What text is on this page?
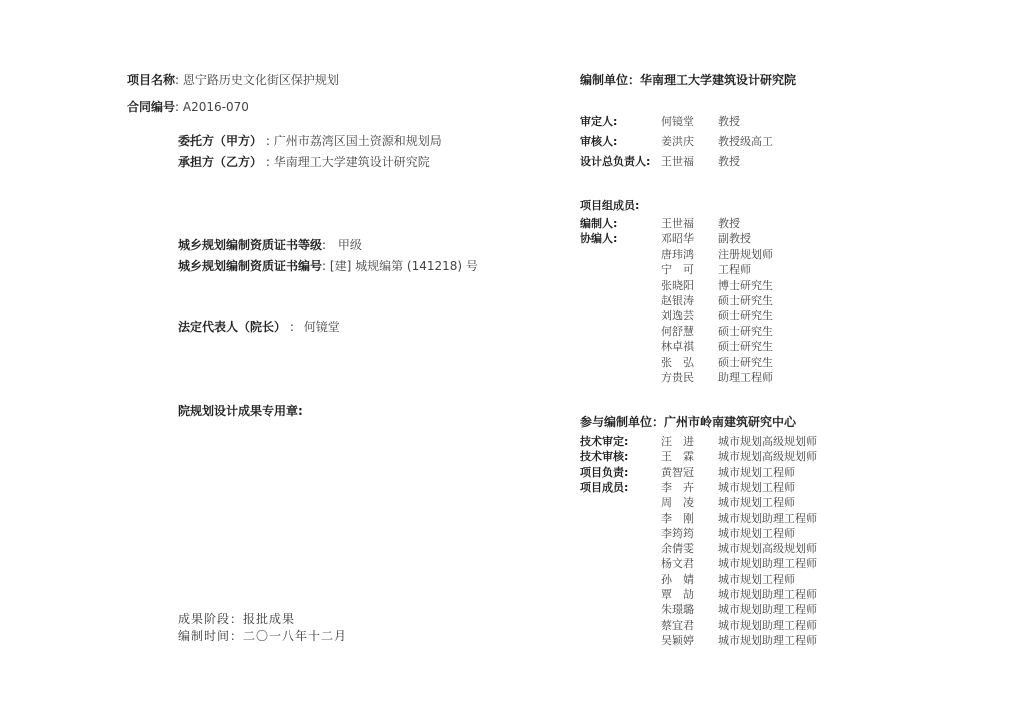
项目名称: 恩宁路历史文化街区保护规划
合同编号: A2016-070
委托方（甲方） : 广州市荔湾区国土资源和规划局
承担方（乙方） : 华南理工大学建筑设计研究院
城乡规划编制资质证书等级: 甲级
城乡规划编制资质证书编号: [建] 城规编第 (141218) 号
法定代表人（院长） : 何镜堂
院规划设计成果专用章:
成果阶段：报批成果
编制时间：二〇一八年十二月
编制单位：华南理工大学建筑设计研究院
审定人:	何镜堂 教授
审核人:	姜洪庆 教授级高工
设计总负责人: 王世福 教授
项目组成员:
编制人:	王世福 教授
协编人:	邓昭华 副教授
唐玮鸿 注册规划师
宁　可 工程师
张晓阳 博士研究生
赵银涛 硕士研究生
刘逸芸 硕士研究生
何舒慧 硕士研究生
林卓祺 硕士研究生
张　弘 硕士研究生
方贵民 助理工程师
参与编制单位：广州市岭南建筑研究中心
技术审定:	汪　进 城市规划高级规划师
技术审核:	王　霖 城市规划高级规划师
项目负责:	黄智冠 城市规划工程师
项目成员:	李　卉 城市规划工程师
周　凌 城市规划工程师
李　刚 城市规划助理工程师
李筠筠 城市规划工程师
余倩雯 城市规划高级规划师
杨文君 城市规划助理工程师
孙　婧 城市规划工程师
覃　劼 城市规划助理工程师
朱璟璐 城市规划助理工程师
蔡宜君 城市规划助理工程师
吴颖婷 城市规划助理工程师
